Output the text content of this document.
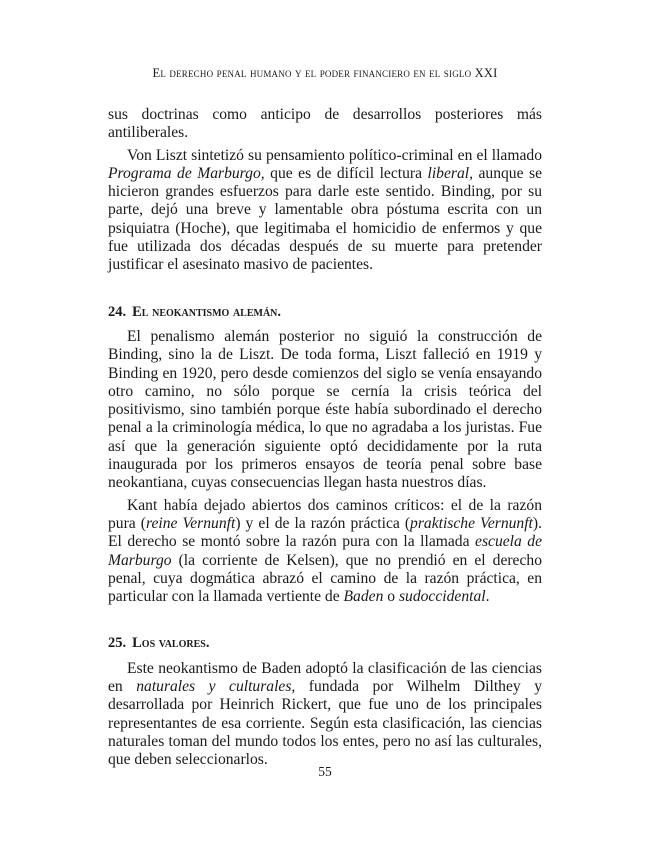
El derecho penal humano y el poder financiero en el siglo XXI

sus doctrinas como anticipo de desarrollos posteriores más antiliberales.

Von Liszt sintetizó su pensamiento político-criminal en el llamado Programa de Marburgo, que es de difícil lectura liberal, aunque se hicieron grandes esfuerzos para darle este sentido. Binding, por su parte, dejó una breve y lamentable obra póstuma escrita con un psiquiatra (Hoche), que legitimaba el homicidio de enfermos y que fue utilizada dos décadas después de su muerte para pretender justificar el asesinato masivo de pacientes.

24. El neokantismo alemán.

El penalismo alemán posterior no siguió la construcción de Binding, sino la de Liszt. De toda forma, Liszt falleció en 1919 y Binding en 1920, pero desde comienzos del siglo se venía ensayando otro camino, no sólo porque se cernía la crisis teórica del positivismo, sino también porque éste había subordinado el derecho penal a la criminología médica, lo que no agradaba a los juristas. Fue así que la generación siguiente optó decididamente por la ruta inaugurada por los primeros ensayos de teoría penal sobre base neokantiana, cuyas consecuencias llegan hasta nuestros días.

Kant había dejado abiertos dos caminos críticos: el de la razón pura (reine Vernunft) y el de la razón práctica (praktische Vernunft). El derecho se montó sobre la razón pura con la llamada escuela de Marburgo (la corriente de Kelsen), que no prendió en el derecho penal, cuya dogmática abrazó el camino de la razón práctica, en particular con la llamada vertiente de Baden o sudoccidental.

25. Los valores.

Este neokantismo de Baden adoptó la clasificación de las ciencias en naturales y culturales, fundada por Wilhelm Dilthey y desarrollada por Heinrich Rickert, que fue uno de los principales representantes de esa corriente. Según esta clasificación, las ciencias naturales toman del mundo todos los entes, pero no así las culturales, que deben seleccionarlos.

55
